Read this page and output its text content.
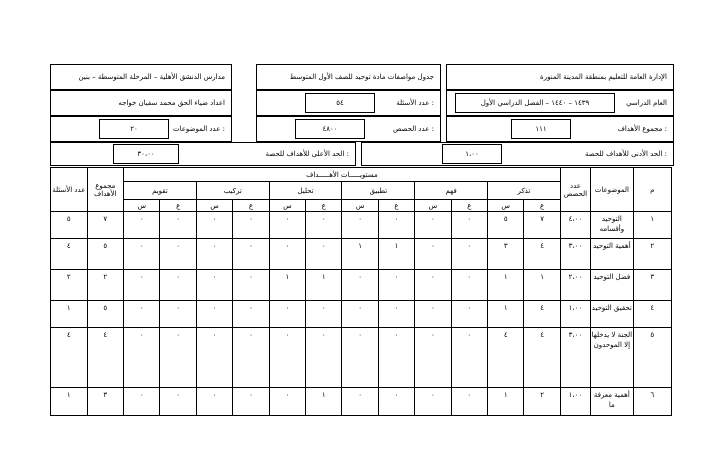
الإدارة العامة للتعليم بمنطقة المدينة المنورة
جدول مواصفات مادة توحيد للصف الأول المتوسط
مدارس الدنشق الأهلية – المرحلة المتوسطة – بنين
العام الدراسي
١٤٣٩ – ١٤٤٠ – الفصل الدراسي الأول
عدد الأسئلة :
٥٤
اعداد ضياء الحق محمد سفيان خواجه
مجموع الأهداف :
١١١
عدد الحصص :
٤٨٠٠
عدد الموضوعات :
٢٠
الحد الأدنى للأهداف للحصة :
١،٠٠
الحد الأعلى للأهداف للحصة :
٣٠،٠٠
م	الموضوعات	عدد الحصص	مستويـــــات الأهـــــداف												مجموع الأهداف	عدد الأسئلة
			تذكر		فهم		تطبيق		تحليل		تركيب		تقويم			
			ع	س	ع	س	ع	س	ع	س	ع	س	ع	س		
١	التوحيد وأقسامه	٤،٠٠	٧	٥	٠	٠	٠	٠	٠	٠	٠	٠	٠	٠	٧	٥
٢	أهمية التوحيد	٣،٠٠	٤	٣	٠	٠	١	١	٠	٠	٠	٠	٠	٠	٥	٤
٣	فضل التوحيد	٢،٠٠	١	١	٠	٠	٠	٠	١	١	٠	٠	٠	٠	٢	٢
٤	تحقيق التوحيد	١،٠٠	٤	١	٠	٠	٠	٠	٠	٠	٠	٠	٠	٠	٥	١
٥	الجنة لا يدخلها إلا الموحدون	٣،٠٠	٤	٤	٠	٠	٠	٠	٠	٠	٠	٠	٠	٠	٤	٤
٦	أهمية معرفة ما	١،٠٠	٢	١	٠	٠	٠	٠	١	٠	٠	٠	٠	٠	٣	١
